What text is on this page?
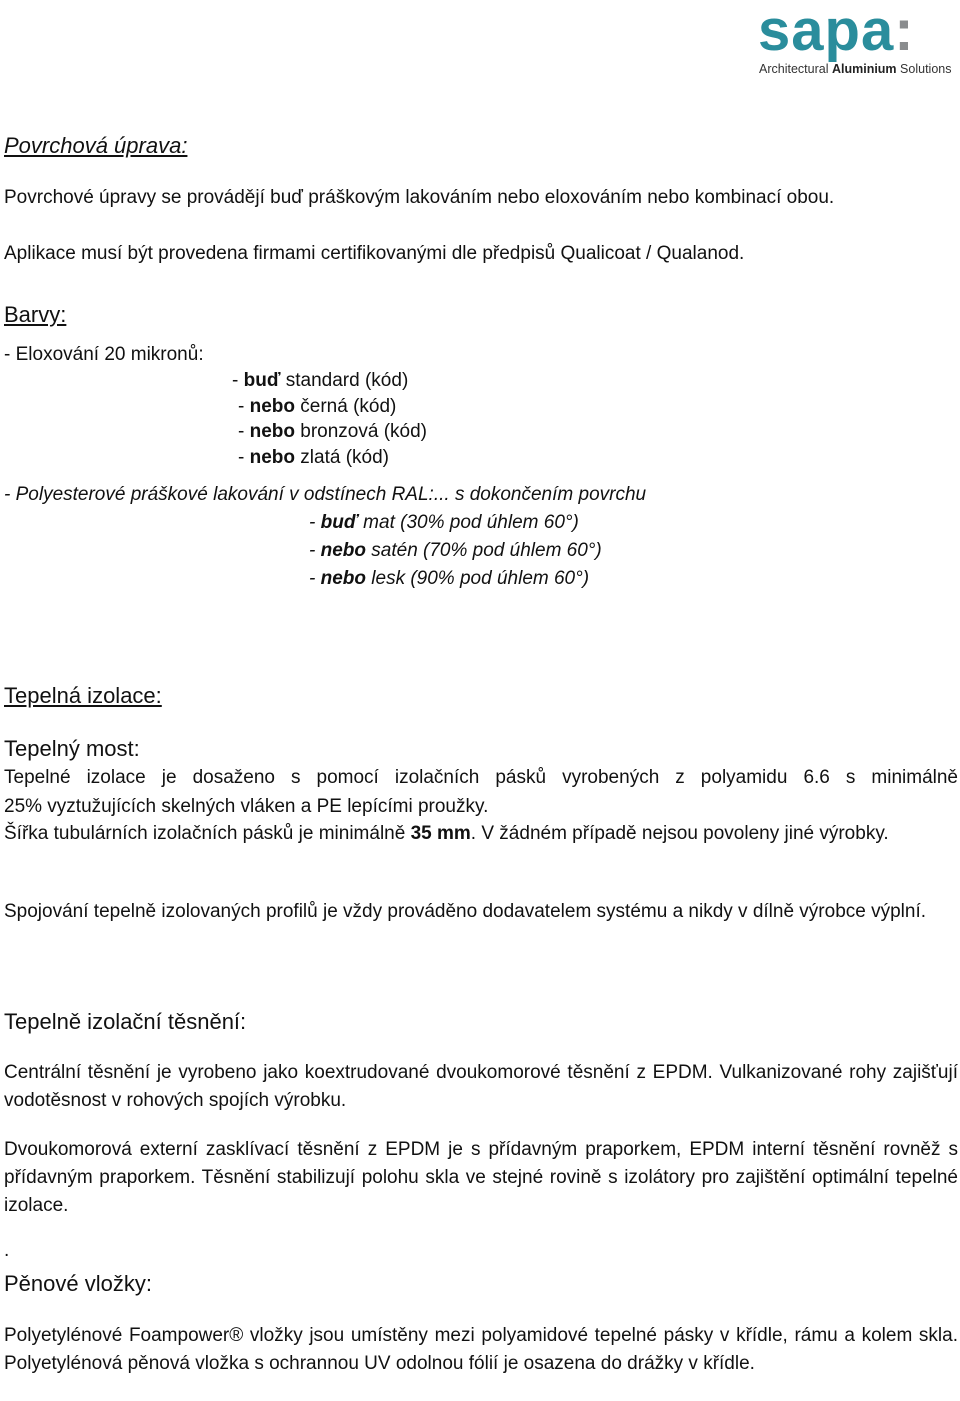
sapa:
Architectural Aluminium Solutions
Povrchová úprava:
Povrchové úpravy se provádějí buď práškovým lakováním nebo eloxováním nebo kombinací obou.
Aplikace musí být provedena firmami certifikovanými dle předpisů Qualicoat / Qualanod.
Barvy:
- Eloxování 20 mikronů:
- buď standard (kód)
- nebo černá (kód)
- nebo bronzová (kód)
- nebo zlatá (kód)
- Polyesterové práškové lakování v odstínech RAL:... s dokončením povrchu
- buď mat (30% pod úhlem 60°)
- nebo satén (70% pod úhlem 60°)
- nebo lesk (90% pod úhlem 60°)
Tepelná izolace:
Tepelný most:
Tepelné izolace je dosaženo s pomocí izolačních pásků vyrobených z polyamidu 6.6 s minimálně
25% vyztužujících skelných vláken a PE lepícími proužky.
Šířka tubulárních izolačních pásků je minimálně 35 mm. V žádném případě nejsou povoleny jiné výrobky.
Spojování tepelně izolovaných profilů je vždy prováděno dodavatelem systému a nikdy v dílně výrobce výplní.
Tepelně izolační těsnění:
Centrální těsnění je vyrobeno jako koextrudované dvoukomorové těsnění z EPDM. Vulkanizované rohy zajišťují vodotěsnost v rohových spojích výrobku.
Dvoukomorová externí zasklívací těsnění z EPDM je s přídavným praporkem, EPDM interní těsnění rovněž s přídavným praporkem. Těsnění stabilizují polohu skla ve stejné rovině s izolátory pro zajištění optimální tepelné izolace.
.
Pěnové vložky:
Polyetylénové Foampower® vložky jsou umístěny mezi polyamidové tepelné pásky v křídle, rámu a kolem skla. Polyetylénová pěnová vložka s ochrannou UV odolnou fólií je osazena do drážky v křídle.
